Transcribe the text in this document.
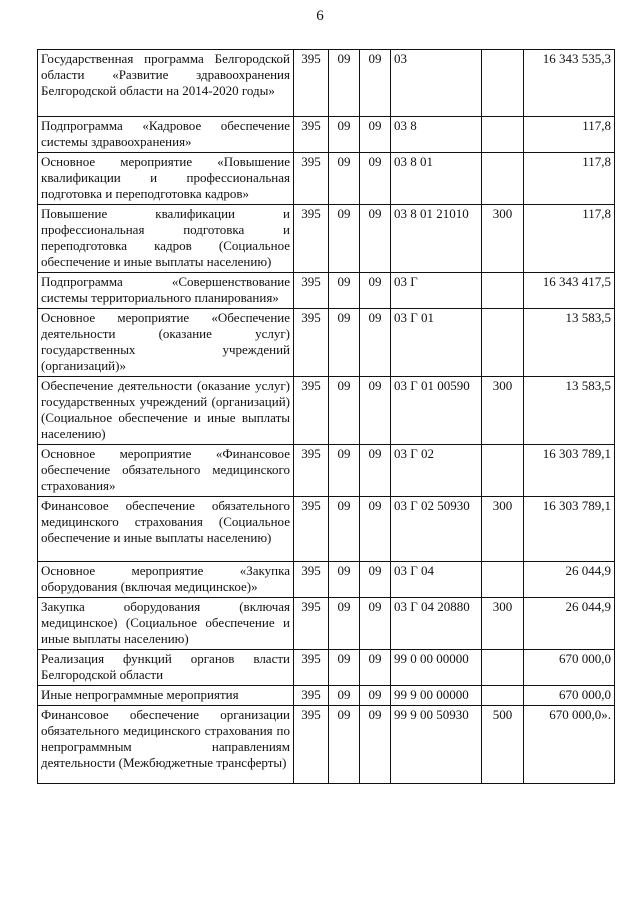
6
Государственная программа Белгородской области «Развитие здравоохранения Белгородской области на 2014-2020 годы»	395	09	09	03		16 343 535,3
Подпрограмма «Кадровое обеспечение системы здравоохранения»	395	09	09	03 8		117,8
Основное мероприятие «Повышение квалификации и профессиональная подготовка и переподготовка кадров»	395	09	09	03 8 01		117,8
Повышение квалификации и профессиональная подготовка и переподготовка кадров (Социальное обеспечение и иные выплаты населению)	395	09	09	03 8 01 21010	300	117,8
Подпрограмма «Совершенствование системы территориального планирования»	395	09	09	03 Г		16 343 417,5
Основное мероприятие «Обеспечение деятельности (оказание услуг) государственных учреждений (организаций)»	395	09	09	03 Г 01		13 583,5
Обеспечение деятельности (оказание услуг) государственных учреждений (организаций) (Социальное обеспечение и иные выплаты населению)	395	09	09	03 Г 01 00590	300	13 583,5
Основное мероприятие «Финансовое обеспечение обязательного медицинского страхования»	395	09	09	03 Г 02		16 303 789,1
Финансовое обеспечение обязательного медицинского страхования (Социальное обеспечение и иные выплаты населению)	395	09	09	03 Г 02 50930	300	16 303 789,1
Основное мероприятие «Закупка оборудования (включая медицинское)»	395	09	09	03 Г 04		26 044,9
Закупка оборудования (включая медицинское) (Социальное обеспечение и иные выплаты населению)	395	09	09	03 Г 04 20880	300	26 044,9
Реализация функций органов власти Белгородской области	395	09	09	99 0 00 00000		670 000,0
Иные непрограммные мероприятия	395	09	09	99 9 00 00000		670 000,0
Финансовое обеспечение организации обязательного медицинского страхования по непрограммным направлениям деятельности (Межбюджетные трансферты)	395	09	09	99 9 00 50930	500	670 000,0».
